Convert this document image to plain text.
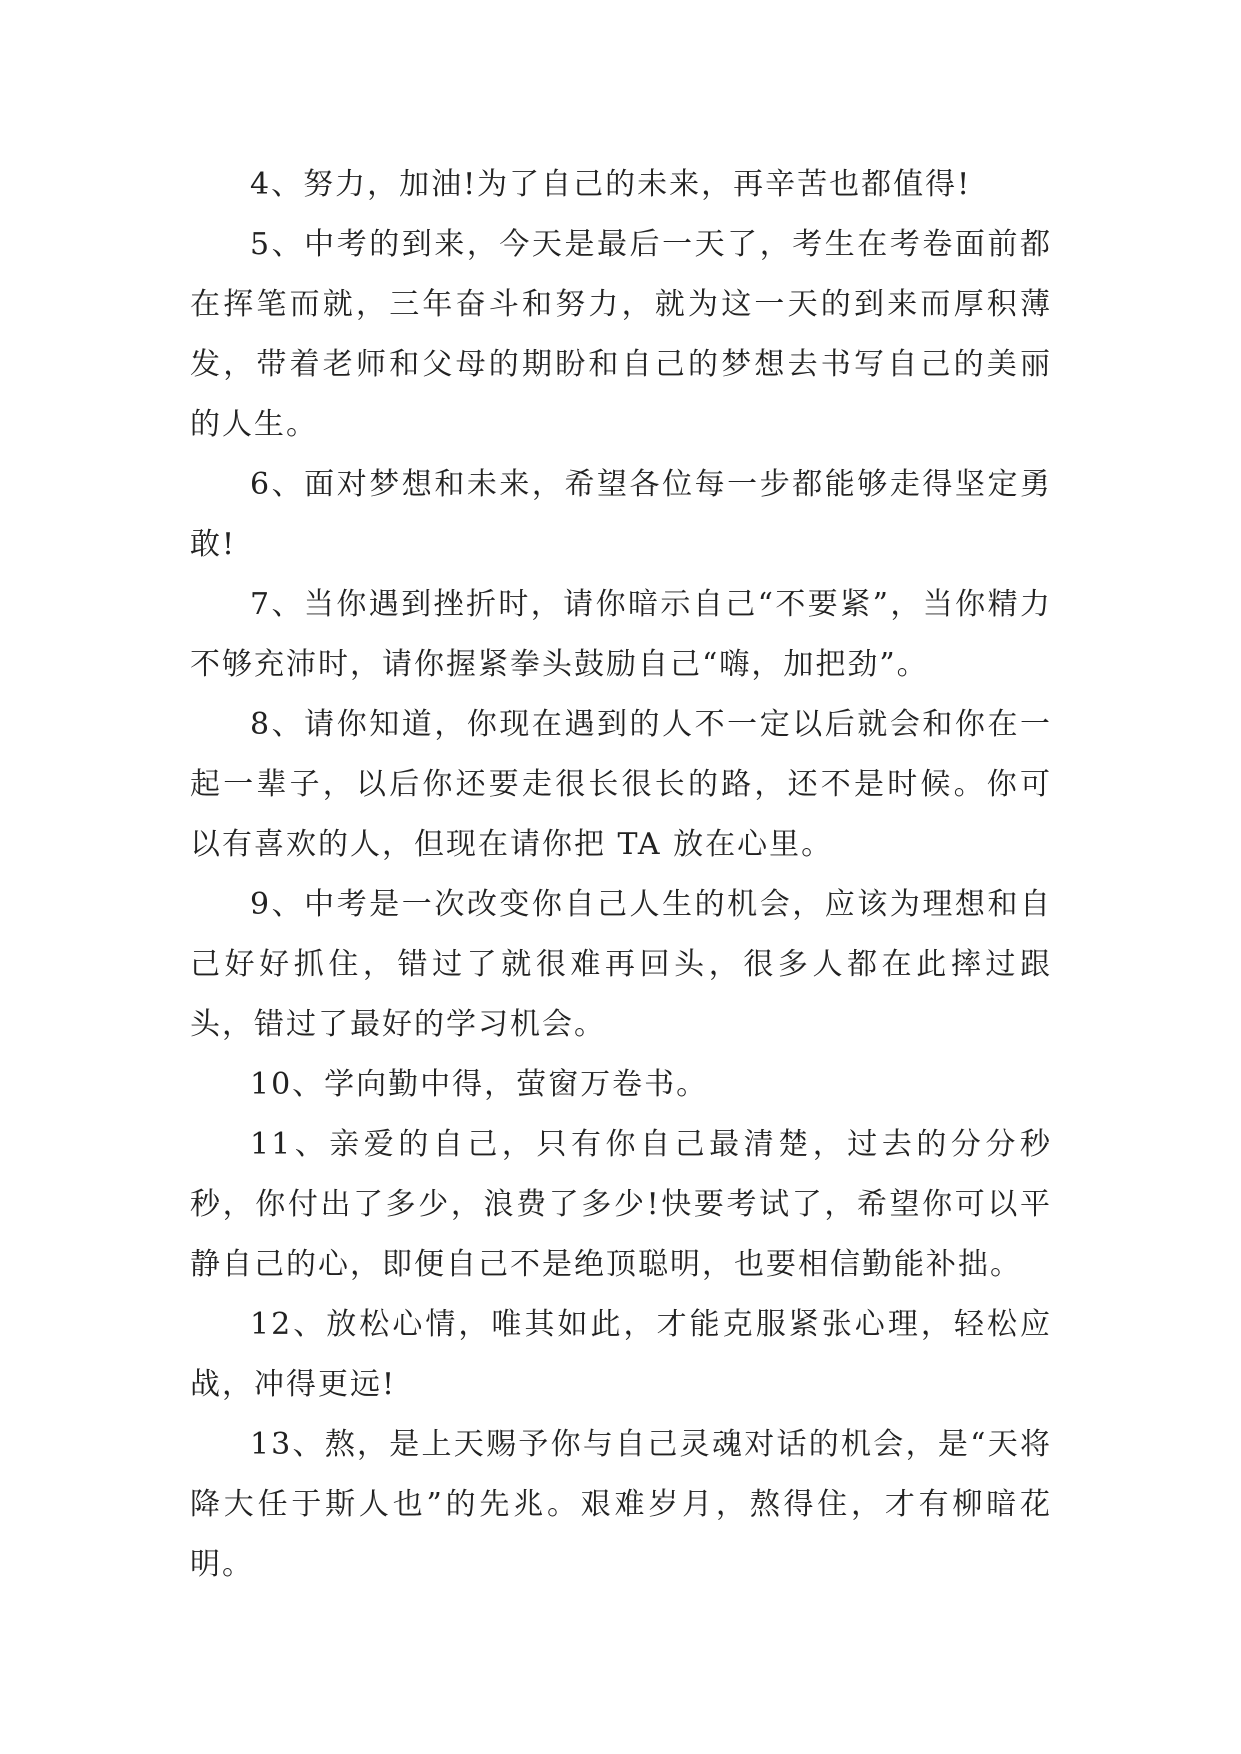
4、努力，加油!为了自己的未来，再辛苦也都值得!

5、中考的到来，今天是最后一天了，考生在考卷面前都在挥笔而就，三年奋斗和努力，就为这一天的到来而厚积薄发，带着老师和父母的期盼和自己的梦想去书写自己的美丽的人生。

6、面对梦想和未来，希望各位每一步都能够走得坚定勇敢!

7、当你遇到挫折时，请你暗示自己“不要紧”，当你精力不够充沛时，请你握紧拳头鼓励自己“嗨，加把劲”。

8、请你知道，你现在遇到的人不一定以后就会和你在一起一辈子，以后你还要走很长很长的路，还不是时候。你可以有喜欢的人，但现在请你把 TA 放在心里。

9、中考是一次改变你自己人生的机会，应该为理想和自己好好抓住，错过了就很难再回头，很多人都在此摔过跟头，错过了最好的学习机会。

10、学向勤中得，萤窗万卷书。

11、亲爱的自己，只有你自己最清楚，过去的分分秒秒，你付出了多少，浪费了多少!快要考试了，希望你可以平静自己的心，即便自己不是绝顶聪明，也要相信勤能补拙。

12、放松心情，唯其如此，才能克服紧张心理，轻松应战，冲得更远!

13、熬，是上天赐予你与自己灵魂对话的机会，是“天将降大任于斯人也”的先兆。艰难岁月，熬得住，才有柳暗花明。
